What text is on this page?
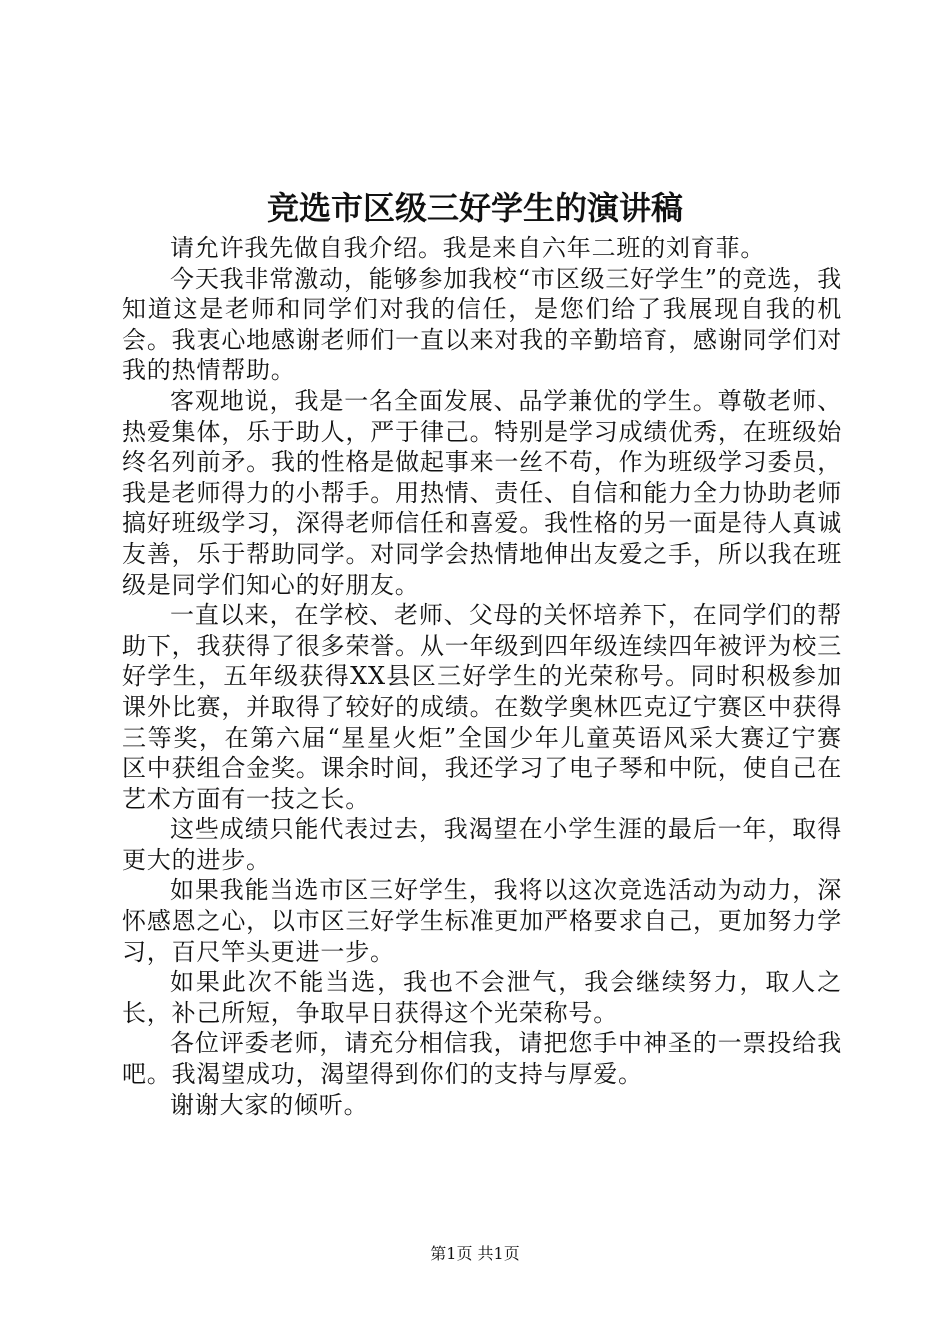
竞选市区级三好学生的演讲稿

请允许我先做自我介绍。我是来自六年二班的刘育菲。

今天我非常激动，能够参加我校“市区级三好学生”的竞选，我知道这是老师和同学们对我的信任，是您们给了我展现自我的机会。我衷心地感谢老师们一直以来对我的辛勤培育，感谢同学们对我的热情帮助。

客观地说，我是一名全面发展、品学兼优的学生。尊敬老师、热爱集体，乐于助人，严于律己。特别是学习成绩优秀，在班级始终名列前矛。我的性格是做起事来一丝不苟，作为班级学习委员，我是老师得力的小帮手。用热情、责任、自信和能力全力协助老师搞好班级学习，深得老师信任和喜爱。我性格的另一面是待人真诚友善，乐于帮助同学。对同学会热情地伸出友爱之手，所以我在班级是同学们知心的好朋友。

一直以来，在学校、老师、父母的关怀培养下，在同学们的帮助下，我获得了很多荣誉。从一年级到四年级连续四年被评为校三好学生，五年级获得XX县区三好学生的光荣称号。同时积极参加课外比赛，并取得了较好的成绩。在数学奥林匹克辽宁赛区中获得三等奖，在第六届“星星火炬”全国少年儿童英语风采大赛辽宁赛区中获组合金奖。课余时间，我还学习了电子琴和中阮，使自己在艺术方面有一技之长。

这些成绩只能代表过去，我渴望在小学生涯的最后一年，取得更大的进步。

如果我能当选市区三好学生，我将以这次竞选活动为动力，深怀感恩之心，以市区三好学生标准更加严格要求自己，更加努力学习，百尺竿头更进一步。

如果此次不能当选，我也不会泄气，我会继续努力，取人之长，补己所短，争取早日获得这个光荣称号。

各位评委老师，请充分相信我，请把您手中神圣的一票投给我吧。我渴望成功，渴望得到你们的支持与厚爱。

谢谢大家的倾听。

第1页 共1页
